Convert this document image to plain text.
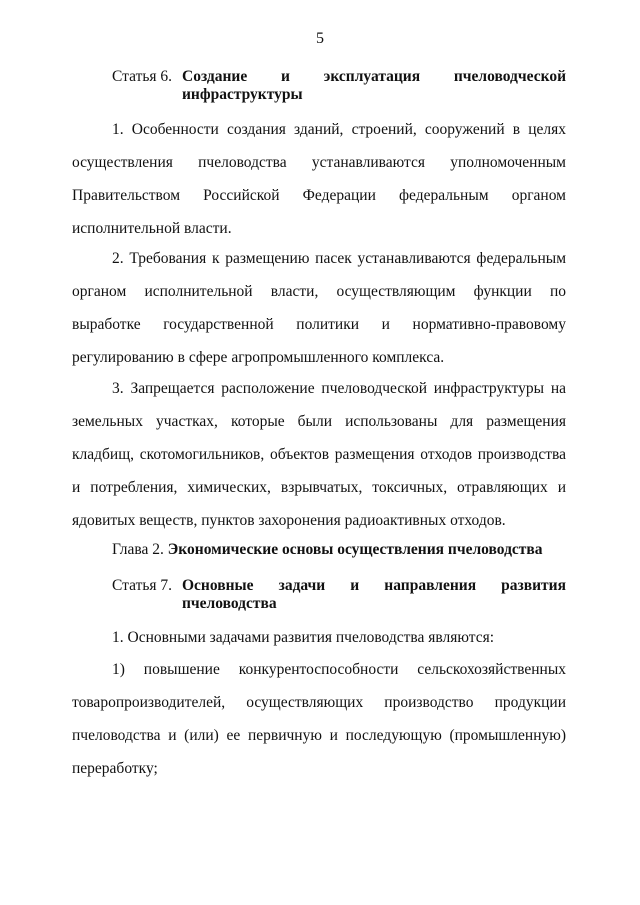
5
Статья 6. Создание и эксплуатация пчеловодческой
инфраструктуры

1. Особенности создания зданий, строений, сооружений в целях осуществления пчеловодства устанавливаются уполномоченным Правительством Российской Федерации федеральным органом исполнительной власти.

2. Требования к размещению пасек устанавливаются федеральным органом исполнительной власти, осуществляющим функции по выработке государственной политики и нормативно-правовому регулированию в сфере агропромышленного комплекса.

3. Запрещается расположение пчеловодческой инфраструктуры на земельных участках, которые были использованы для размещения кладбищ, скотомогильников, объектов размещения отходов производства и потребления, химических, взрывчатых, токсичных, отравляющих и ядовитых веществ, пунктов захоронения радиоактивных отходов.

Глава 2. Экономические основы осуществления пчеловодства
Статья 7. Основные задачи и направления развития
пчеловодства

1. Основными задачами развития пчеловодства являются:

1) повышение конкурентоспособности сельскохозяйственных товаропроизводителей, осуществляющих производство продукции пчеловодства и (или) ее первичную и последующую (промышленную) переработку;
